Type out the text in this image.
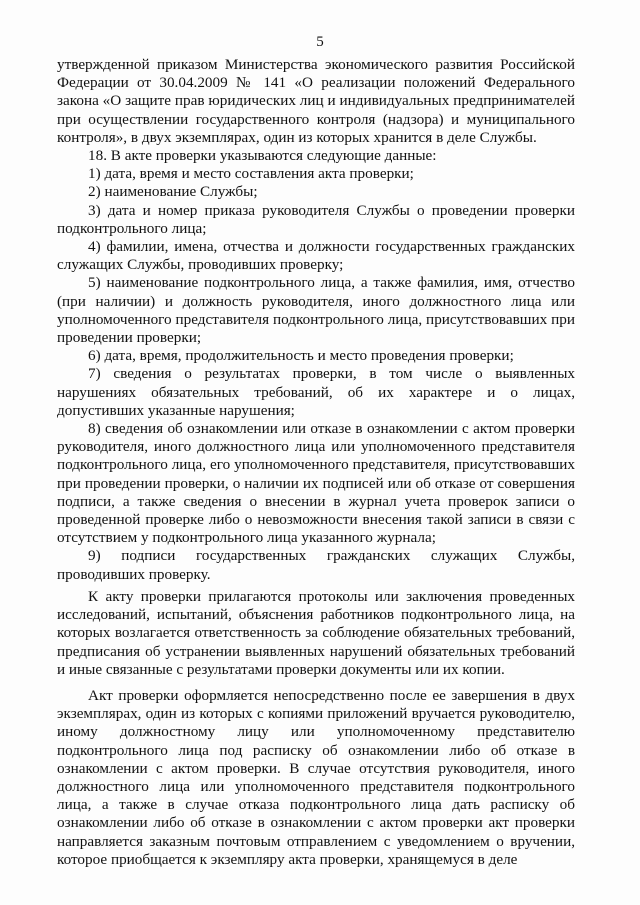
5

утвержденной приказом Министерства экономического развития Российской Федерации от 30.04.2009 № 141 «О реализации положений Федерального закона «О защите прав юридических лиц и индивидуальных предпринимателей при осуществлении государственного контроля (надзора) и муниципального контроля», в двух экземплярах, один из которых хранится в деле Службы.

18. В акте проверки указываются следующие данные:

1) дата, время и место составления акта проверки;

2) наименование Службы;

3) дата и номер приказа руководителя Службы о проведении проверки подконтрольного лица;

4) фамилии, имена, отчества и должности государственных гражданских служащих Службы, проводивших проверку;

5) наименование подконтрольного лица, а также фамилия, имя, отчество (при наличии) и должность руководителя, иного должностного лица или уполномоченного представителя подконтрольного лица, присутствовавших при проведении проверки;

6) дата, время, продолжительность и место проведения проверки;

7) сведения о результатах проверки, в том числе о выявленных нарушениях обязательных требований, об их характере и о лицах, допустивших указанные нарушения;

8) сведения об ознакомлении или отказе в ознакомлении с актом проверки руководителя, иного должностного лица или уполномоченного представителя подконтрольного лица, его уполномоченного представителя, присутствовавших при проведении проверки, о наличии их подписей или об отказе от совершения подписи, а также сведения о внесении в журнал учета проверок записи о проведенной проверке либо о невозможности внесения такой записи в связи с отсутствием у подконтрольного лица указанного журнала;

9) подписи государственных гражданских служащих Службы, проводивших проверку.

К акту проверки прилагаются протоколы или заключения проведенных исследований, испытаний, объяснения работников подконтрольного лица, на которых возлагается ответственность за соблюдение обязательных требований, предписания об устранении выявленных нарушений обязательных требований и иные связанные с результатами проверки документы или их копии.

Акт проверки оформляется непосредственно после ее завершения в двух экземплярах, один из которых с копиями приложений вручается руководителю, иному должностному лицу или уполномоченному представителю подконтрольного лица под расписку об ознакомлении либо об отказе в ознакомлении с актом проверки. В случае отсутствия руководителя, иного должностного лица или уполномоченного представителя подконтрольного лица, а также в случае отказа подконтрольного лица дать расписку об ознакомлении либо об отказе в ознакомлении с актом проверки акт проверки направляется заказным почтовым отправлением с уведомлением о вручении, которое приобщается к экземпляру акта проверки, хранящемуся в деле
